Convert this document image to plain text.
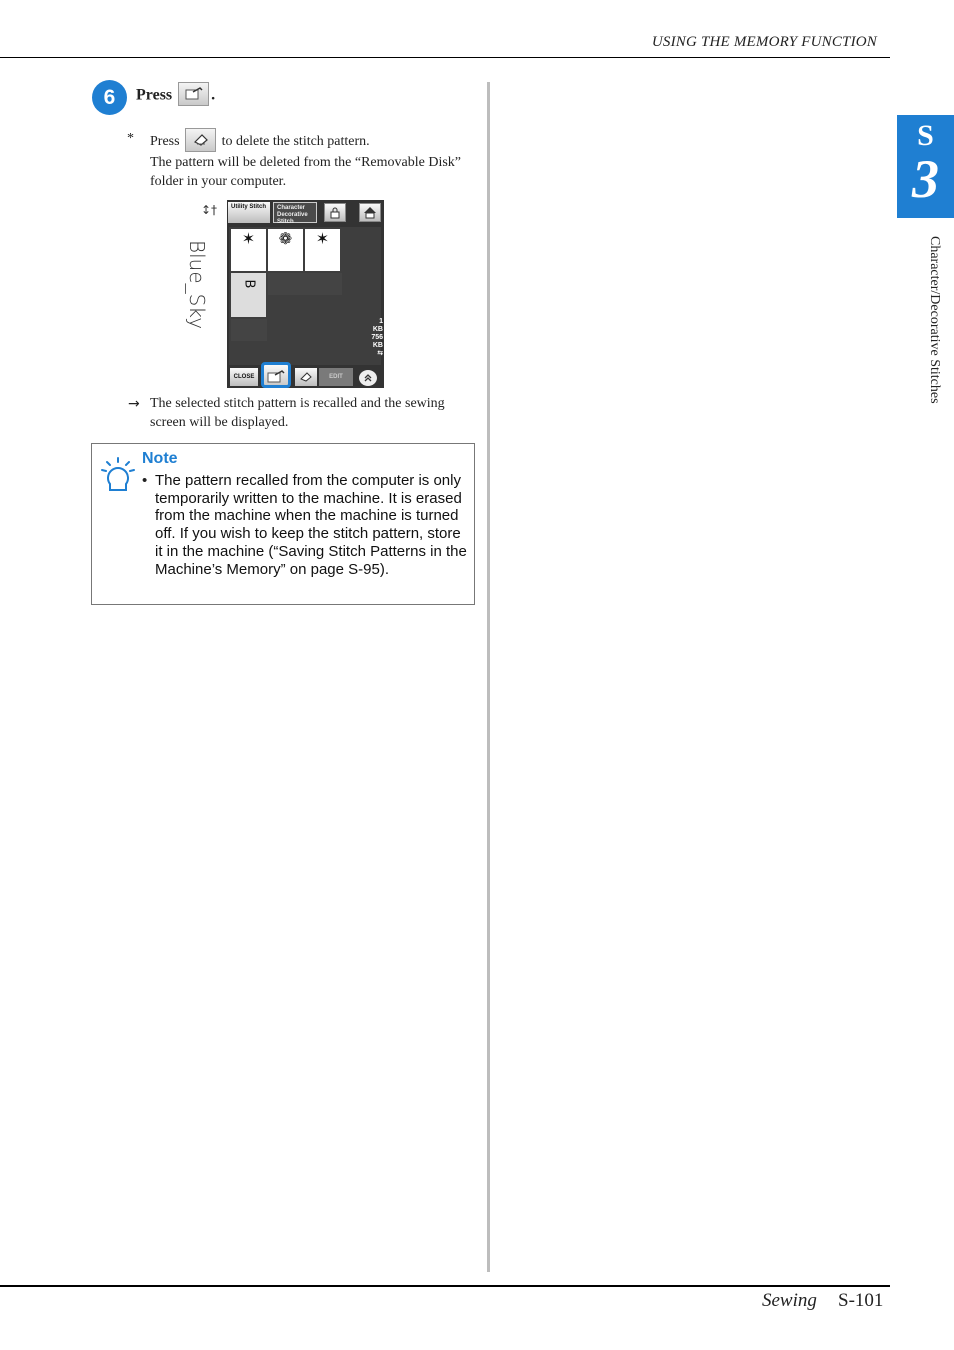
USING THE MEMORY FUNCTION
S
3
Character/Decorative Stitches
6	Press .
* Press	to delete the stitch pattern.
The pattern will be deleted from the “Removable Disk” folder in your computer.
↕†
Blue_Sky
Utility Stitch	Character Decorative Stitch
✶	❁	✶
B
1
KB
756
KB
⮀
CLOSE	EDIT
→ The selected stitch pattern is recalled and the sewing screen will be displayed.
Note
• The pattern recalled from the computer is only temporarily written to the machine. It is erased from the machine when the machine is turned off. If you wish to keep the stitch pattern, store it in the machine (“Saving Stitch Patterns in the Machine’s Memory” on page S-95).
Sewing S-101
